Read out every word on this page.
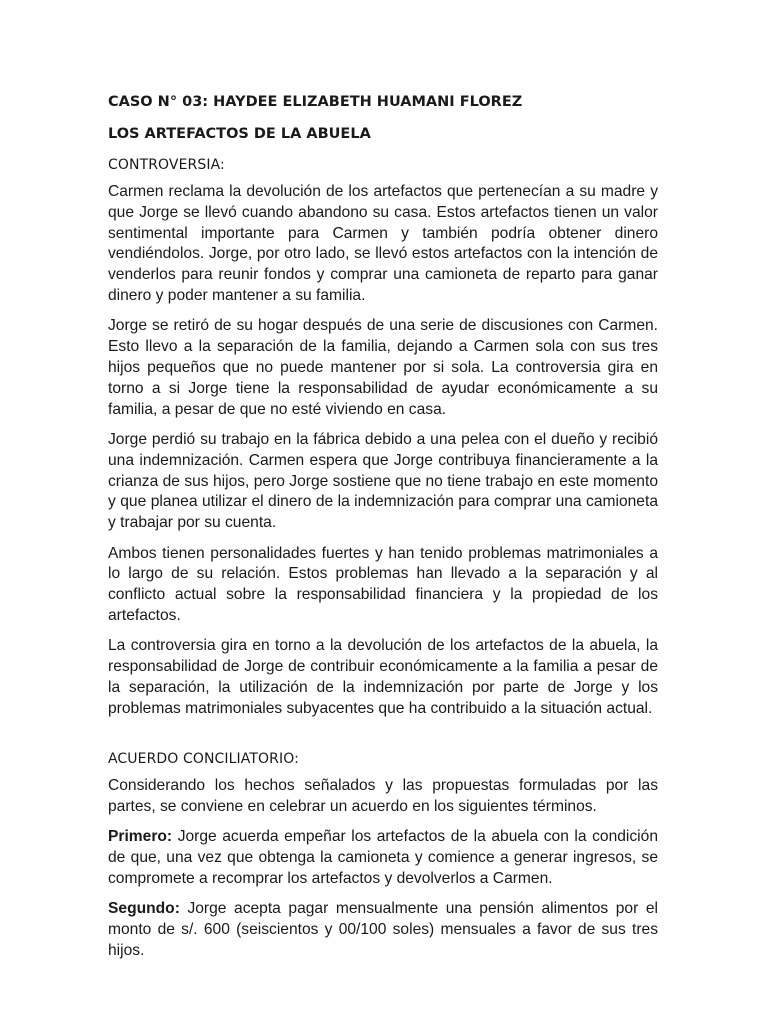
CASO N° 03: HAYDEE ELIZABETH HUAMANI FLOREZ

LOS ARTEFACTOS DE LA ABUELA

CONTROVERSIA:

Carmen reclama la devolución de los artefactos que pertenecían a su madre y que Jorge se llevó cuando abandono su casa. Estos artefactos tienen un valor sentimental importante para Carmen y también podría obtener dinero vendiéndolos. Jorge, por otro lado, se llevó estos artefactos con la intención de venderlos para reunir fondos y comprar una camioneta de reparto para ganar dinero y poder mantener a su familia.

Jorge se retiró de su hogar después de una serie de discusiones con Carmen. Esto llevo a la separación de la familia, dejando a Carmen sola con sus tres hijos pequeños que no puede mantener por si sola. La controversia gira en torno a si Jorge tiene la responsabilidad de ayudar económicamente a su familia, a pesar de que no esté viviendo en casa.

Jorge perdió su trabajo en la fábrica debido a una pelea con el dueño y recibió una indemnización. Carmen espera que Jorge contribuya financieramente a la crianza de sus hijos, pero Jorge sostiene que no tiene trabajo en este momento y que planea utilizar el dinero de la indemnización para comprar una camioneta y trabajar por su cuenta.

Ambos tienen personalidades fuertes y han tenido problemas matrimoniales a lo largo de su relación. Estos problemas han llevado a la separación y al conflicto actual sobre la responsabilidad financiera y la propiedad de los artefactos.

La controversia gira en torno a la devolución de los artefactos de la abuela, la responsabilidad de Jorge de contribuir económicamente a la familia a pesar de la separación, la utilización de la indemnización por parte de Jorge y los problemas matrimoniales subyacentes que ha contribuido a la situación actual.

ACUERDO CONCILIATORIO:

Considerando los hechos señalados y las propuestas formuladas por las partes, se conviene en celebrar un acuerdo en los siguientes términos.

Primero: Jorge acuerda empeñar los artefactos de la abuela con la condición de que, una vez que obtenga la camioneta y comience a generar ingresos, se compromete a recomprar los artefactos y devolverlos a Carmen.

Segundo: Jorge acepta pagar mensualmente una pensión alimentos por el monto de s/. 600 (seiscientos y 00/100 soles) mensuales a favor de sus tres hijos.
